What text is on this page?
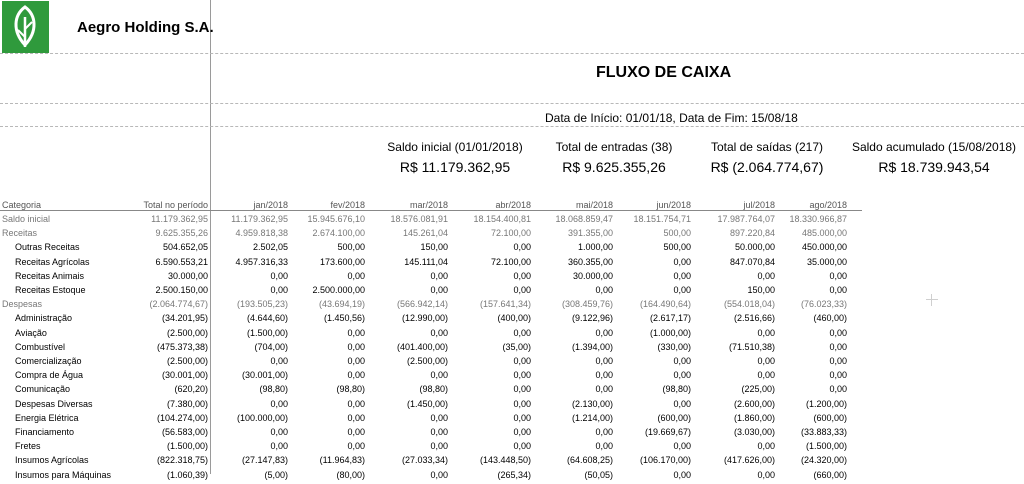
Aegro Holding S.A.
FLUXO DE CAIXA
Data de Início: 01/01/18, Data de Fim: 15/08/18
Saldo inicial (01/01/2018)
R$ 11.179.362,95
Total de entradas (38)
R$ 9.625.355,26
Total de saídas (217)
R$ (2.064.774,67)
Saldo acumulado (15/08/2018)
R$ 18.739.943,54
Categoria	Total no período	jan/2018	fev/2018	mar/2018	abr/2018	mai/2018	jun/2018	jul/2018	ago/2018
Saldo inicial	11.179.362,95	11.179.362,95	15.945.676,10	18.576.081,91	18.154.400,81	18.068.859,47	18.151.754,71	17.987.764,07	18.330.966,87
Receitas	9.625.355,26	4.959.818,38	2.674.100,00	145.261,04	72.100,00	391.355,00	500,00	897.220,84	485.000,00
Outras Receitas	504.652,05	2.502,05	500,00	150,00	0,00	1.000,00	500,00	50.000,00	450.000,00
Receitas Agrícolas	6.590.553,21	4.957.316,33	173.600,00	145.111,04	72.100,00	360.355,00	0,00	847.070,84	35.000,00
Receitas Animais	30.000,00	0,00	0,00	0,00	0,00	30.000,00	0,00	0,00	0,00
Receitas Estoque	2.500.150,00	0,00	2.500.000,00	0,00	0,00	0,00	0,00	150,00	0,00
Despesas	(2.064.774,67)	(193.505,23)	(43.694,19)	(566.942,14)	(157.641,34)	(308.459,76)	(164.490,64)	(554.018,04)	(76.023,33)
Administração	(34.201,95)	(4.644,60)	(1.450,56)	(12.990,00)	(400,00)	(9.122,96)	(2.617,17)	(2.516,66)	(460,00)
Aviação	(2.500,00)	(1.500,00)	0,00	0,00	0,00	0,00	(1.000,00)	0,00	0,00
Combustível	(475.373,38)	(704,00)	0,00	(401.400,00)	(35,00)	(1.394,00)	(330,00)	(71.510,38)	0,00
Comercialização	(2.500,00)	0,00	0,00	(2.500,00)	0,00	0,00	0,00	0,00	0,00
Compra de Água	(30.001,00)	(30.001,00)	0,00	0,00	0,00	0,00	0,00	0,00	0,00
Comunicação	(620,20)	(98,80)	(98,80)	(98,80)	0,00	0,00	(98,80)	(225,00)	0,00
Despesas Diversas	(7.380,00)	0,00	0,00	(1.450,00)	0,00	(2.130,00)	0,00	(2.600,00)	(1.200,00)
Energia Elétrica	(104.274,00)	(100.000,00)	0,00	0,00	0,00	(1.214,00)	(600,00)	(1.860,00)	(600,00)
Financiamento	(56.583,00)	0,00	0,00	0,00	0,00	0,00	(19.669,67)	(3.030,00)	(33.883,33)
Fretes	(1.500,00)	0,00	0,00	0,00	0,00	0,00	0,00	0,00	(1.500,00)
Insumos Agrícolas	(822.318,75)	(27.147,83)	(11.964,83)	(27.033,34)	(143.448,50)	(64.608,25)	(106.170,00)	(417.626,00)	(24.320,00)
Insumos para Máquinas	(1.060,39)	(5,00)	(80,00)	0,00	(265,34)	(50,05)	0,00	0,00	(660,00)
